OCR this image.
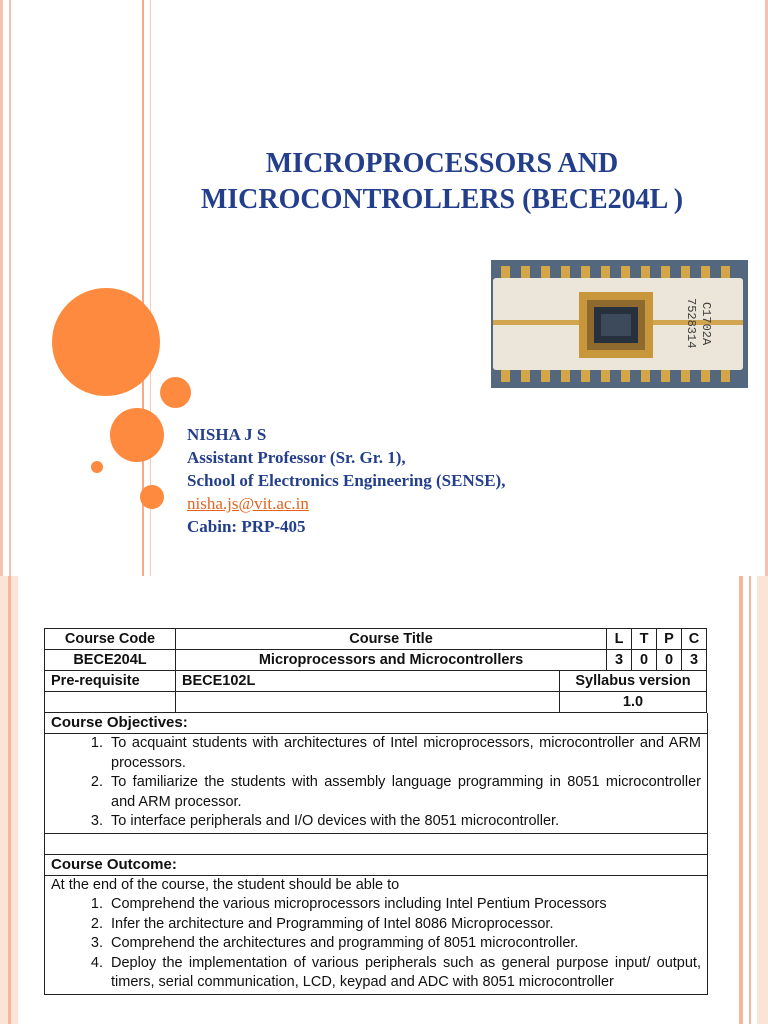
MICROPROCESSORS AND
MICROCONTROLLERS (BECE204L )
C1702A
7528314
NISHA J S
Assistant Professor (Sr. Gr. 1),
School of Electronics Engineering (SENSE),
nisha.js@vit.ac.in
Cabin: PRP-405
Course Code	Course Title		L	T	P	C
BECE204L	Microprocessors and Microcontrollers		3	0	0	3
Pre-requisite	BECE102L	Syllabus version				
		1.0				
Course Objectives:
1. To acquaint students with architectures of Intel microprocessors, microcontroller and ARM processors.
2. To familiarize the students with assembly language programming in 8051 microcontroller and ARM processor.
3. To interface peripherals and I/O devices with the 8051 microcontroller.
Course Outcome:
At the end of the course, the student should be able to
1. Comprehend the various microprocessors including Intel Pentium Processors
2. Infer the architecture and Programming of Intel 8086 Microprocessor.
3. Comprehend the architectures and programming of 8051 microcontroller.
4. Deploy the implementation of various peripherals such as general purpose input/ output, timers, serial communication, LCD, keypad and ADC with 8051 microcontroller
